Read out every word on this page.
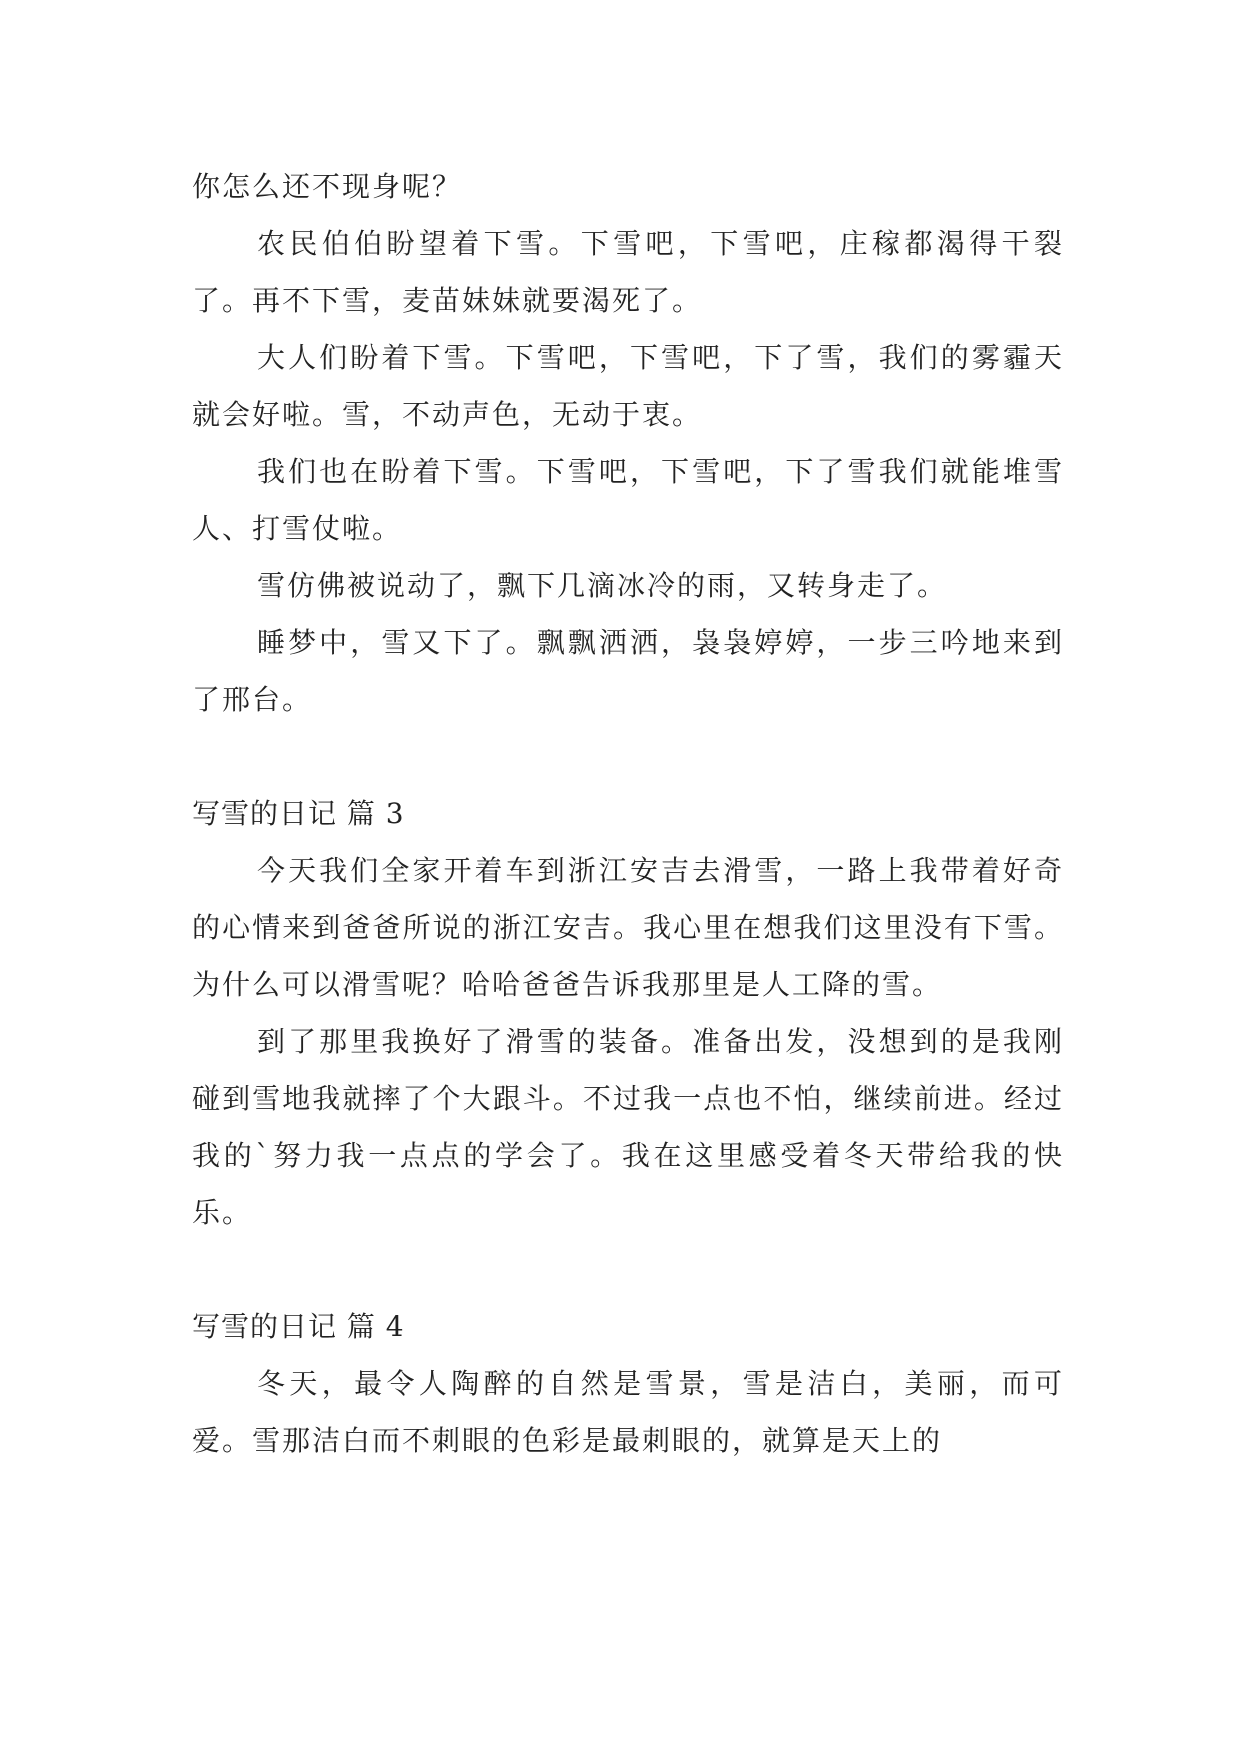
你怎么还不现身呢？

农民伯伯盼望着下雪。下雪吧，下雪吧，庄稼都渴得干裂了。再不下雪，麦苗妹妹就要渴死了。

大人们盼着下雪。下雪吧，下雪吧，下了雪，我们的雾霾天就会好啦。雪，不动声色，无动于衷。

我们也在盼着下雪。下雪吧，下雪吧，下了雪我们就能堆雪人、打雪仗啦。

雪仿佛被说动了，飘下几滴冰冷的雨，又转身走了。

睡梦中，雪又下了。飘飘洒洒，袅袅婷婷，一步三吟地来到了邢台。

写雪的日记 篇 3

今天我们全家开着车到浙江安吉去滑雪，一路上我带着好奇的心情来到爸爸所说的浙江安吉。我心里在想我们这里没有下雪。为什么可以滑雪呢？哈哈爸爸告诉我那里是人工降的雪。

到了那里我换好了滑雪的装备。准备出发，没想到的是我刚碰到雪地我就摔了个大跟斗。不过我一点也不怕，继续前进。经过我的`努力我一点点的学会了。我在这里感受着冬天带给我的快乐。

写雪的日记 篇 4

冬天，最令人陶醉的自然是雪景，雪是洁白，美丽，而可爱。雪那洁白而不刺眼的色彩是最刺眼的，就算是天上的
